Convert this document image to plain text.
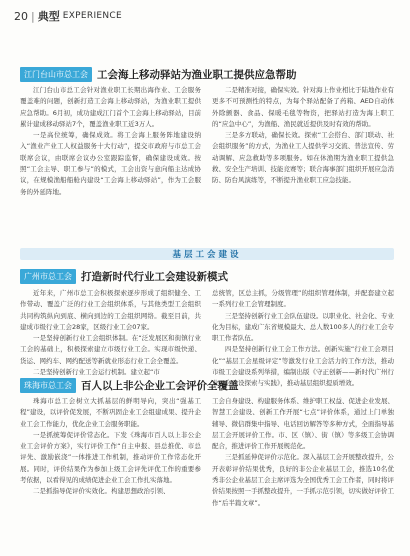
20 | 典型 EXPERIENCE
江门台山市总工会 工会海上移动驿站为渔业职工提供应急帮助

江门台山市总工会针对渔业职工长期出海作业、工会服务覆盖难的问题，创新打造工会海上移动驿站，为渔业职工提供应急帮助。6月初，成功建成江门首个工会海上移动驿站，目前累计建成移动驿站7个，覆盖渔业职工近3万人。

一是高位统筹，确保成效。将工会海上服务阵地建设纳入“渔业产业工人权益服务十大行动”，提交市政府与市总工会联席会议，由联席会议办公室跟踪监督，确保建设成效。按照“工会主导、职工参与”的模式，工会出资与意向船主达成协议，在规模渔船船舱内建设“工会海上移动驿站”，作为工会服务的外延阵地。

二是精准对接，确保实效。针对海上作业相比于陆地作业有更多不可预测性的特点，为每个驿站配备了药箱、AED自动体外除颤器、食品、保暖毛毯等物资，把驿站打造为海上职工的“应急中心”，为渔船、渔民就近提供及时有效的帮助。

三是多方联动，确保长效。探索“工会搭台、部门联动、社会组织服务”的方式，为渔业工人提供学习交流、普法宣传、劳动调解、应急救助等多项服务。如在休渔期为渔业职工提供急救、安全生产培训、技能竞赛等；联合海事部门组织开展应急消防、防台风演练等，不断提升渔业职工应急技能。

基层工会建设
广州市总工会 打造新时代行业工会建设新模式

近年来，广州市总工会积极探索逐步形成了组织健全、工作带动、覆盖广泛的行业工会组织体系，与其他类型工会组织共同构筑纵向到底、横向到边的工会组织网络。截至目前，共建成市级行业工会28家，区级行业工会07家。

一是坚持创新行业工会组织体制。在“泛发展区和街镇行业工会的基础上，积极探索建立市级行业工会。实现市级快递、货运、网约车、网约配送等新就业形态行业工会全覆盖。

二是坚持创新行业工会运行机制。建立起“市

总统管，区总主抓，分级管理”的组织管理体制，并配套建立起一系列行业工会管理制度。

三是坚持创新行业工会队伍建设。以职业化、社会化、专业化为目标，建成广东省规模最大、总人数100多人的行业工会专职工作者队伍。

四是坚持创新行业工会工作方法。创新实施“行业工会项目化”“基层工会星级评定”等激发行业工会活力的工作方法，推动市级工会建设系列举措，编制出版《守正创新——新时代广州行业工会建设探索与实践》，推动基层组织提质增效。

珠海市总工会 百人以上非公企业工会评价全覆盖

珠海市总工会树立大抓基层的鲜明导向，突出“强基工程”建设，以评价促发展，不断巩固企业工会组建成果、提升企业工会工作能力，优化企业工会服务职能。

一是抓统筹促评价常态化。下发《珠海市百人以上非公企业工会评价方案》，实行评价工作“自主申报、县总推优、市总评先、激励嵌浇”一体推进工作机制，推动评价工作常态化开展。同时，评价结果作为参加上级工会评先评优工作的重要参考依据，以看得见的成绩促进企业工会工作扎实落地。

二是抓指导促评价实效化。构建思想政治引领、

工会自身建设、构建服务体系、维护职工权益、促进企业发展、智慧工会建设、创新工作开展“七点”评价体系，通过上门单独辅导、微信群集中指导、电话回访解答等多种方式，全面指导基层工会开展评价工作。市、区（镇）、街（镇）等多级工会协调配合，推进评价工作开展规范化。

三是抓延伸促评价示范化。深入基层工会开展整改提升，公开表彰评价结果优秀，良好的非公企业基层工会，推选10名优秀非公企业基层工会主席评选为全国优秀工会工作者，同时将评价结果按照一手抓整改提升，一手抓示范引领，切实做好评价工作“后半篇文章”。
